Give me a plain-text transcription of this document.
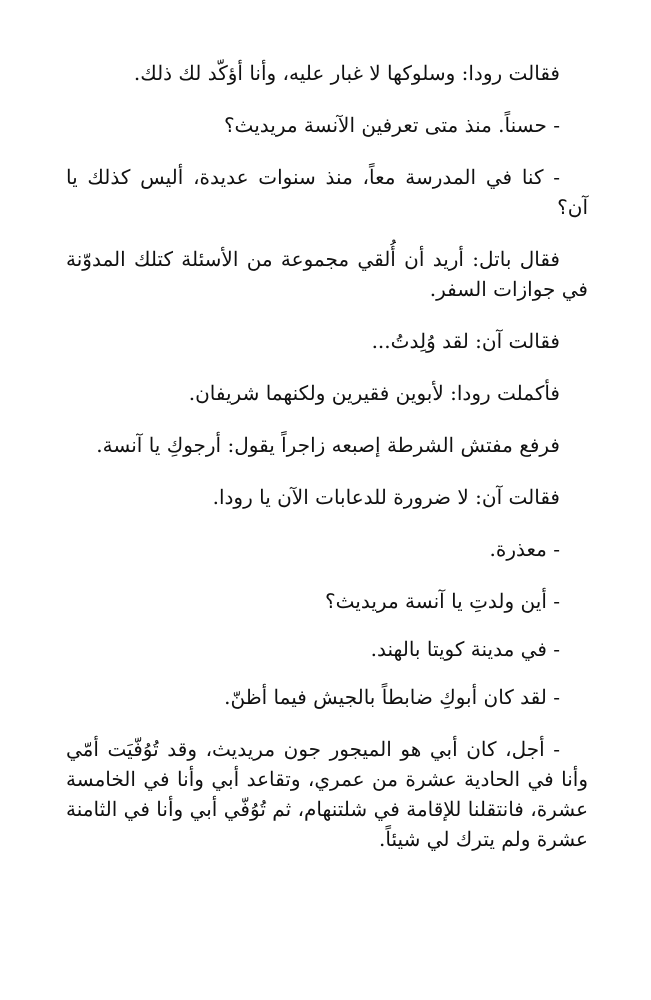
فقالت رودا: وسلوكها لا غبار عليه، وأنا أؤكّد لك ذلك.

- حسناً. منذ متى تعرفين الآنسة مريديث؟

- كنا في المدرسة معاً، منذ سنوات عديدة، أليس كذلك يا آن؟

فقال باتل: أريد أن أُلقي مجموعة من الأسئلة كتلك المدوّنة في جوازات السفر.

فقالت آن: لقد وُلِدتُ...

فأكملت رودا: لأبوين فقيرين ولكنهما شريفان.

فرفع مفتش الشرطة إصبعه زاجراً يقول: أرجوكِ يا آنسة.

فقالت آن: لا ضرورة للدعابات الآن يا رودا.

- معذرة.

- أين ولدتِ يا آنسة مريديث؟

- في مدينة كويتا بالهند.

- لقد كان أبوكِ ضابطاً بالجيش فيما أظنّ.

- أجل، كان أبي هو الميجور جون مريديث، وقد تُوُفّيَت أمّي وأنا في الحادية عشرة من عمري، وتقاعد أبي وأنا في الخامسة عشرة، فانتقلنا للإقامة في شلتنهام، ثم تُوُفّي أبي وأنا في الثامنة عشرة ولم يترك لي شيئاً.
